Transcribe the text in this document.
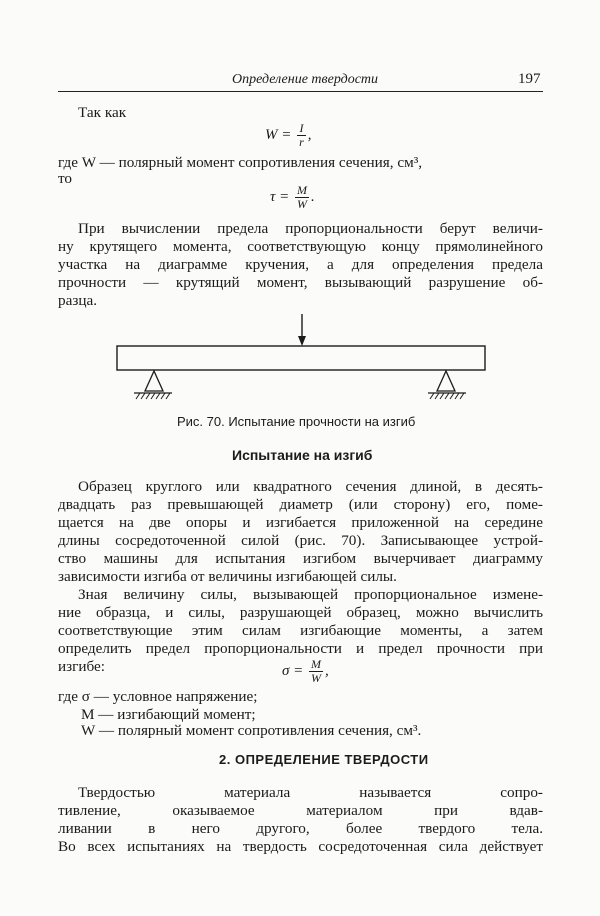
Определение твердости	197
Так как
$W = \frac{I}{r}$ ,
где W — полярный момент сопротивления сечения, см³,
то
$\tau = \frac{M}{W}$ .
При вычислении предела пропорциональности берут величи-
ну крутящего момента, соответствующую концу прямолинейного
участка на диаграмме кручения, а для определения предела
прочности — крутящий момент, вызывающий разрушение об-
разца.
Рис. 70. Испытание прочности на изгиб
Испытание на изгиб
Образец круглого или квадратного сечения длиной, в десять-
двадцать раз превышающей диаметр (или сторону) его, поме-
щается на две опоры и изгибается приложенной на середине
длины сосредоточенной силой (рис. 70). Записывающее устрой-
ство машины для испытания изгибом вычерчивает диаграмму
зависимости изгиба от величины изгибающей силы.
Зная величину силы, вызывающей пропорциональное измене-
ние образца, и силы, разрушающей образец, можно вычислить
соответствующие этим силам изгибающие моменты, а затем
определить предел пропорциональности и предел прочности при
изгибе:	$\sigma = \frac{M}{W}$ ,
где σ — условное напряжение;
M — изгибающий момент;
W — полярный момент сопротивления сечения, см³.
2. ОПРЕДЕЛЕНИЕ ТВЕРДОСТИ
Твердостью материала называется сопро-
тивление, оказываемое материалом при вдав-
ливании в него другого, более твердого тела.
Во всех испытаниях на твердость сосредоточенная сила действует
